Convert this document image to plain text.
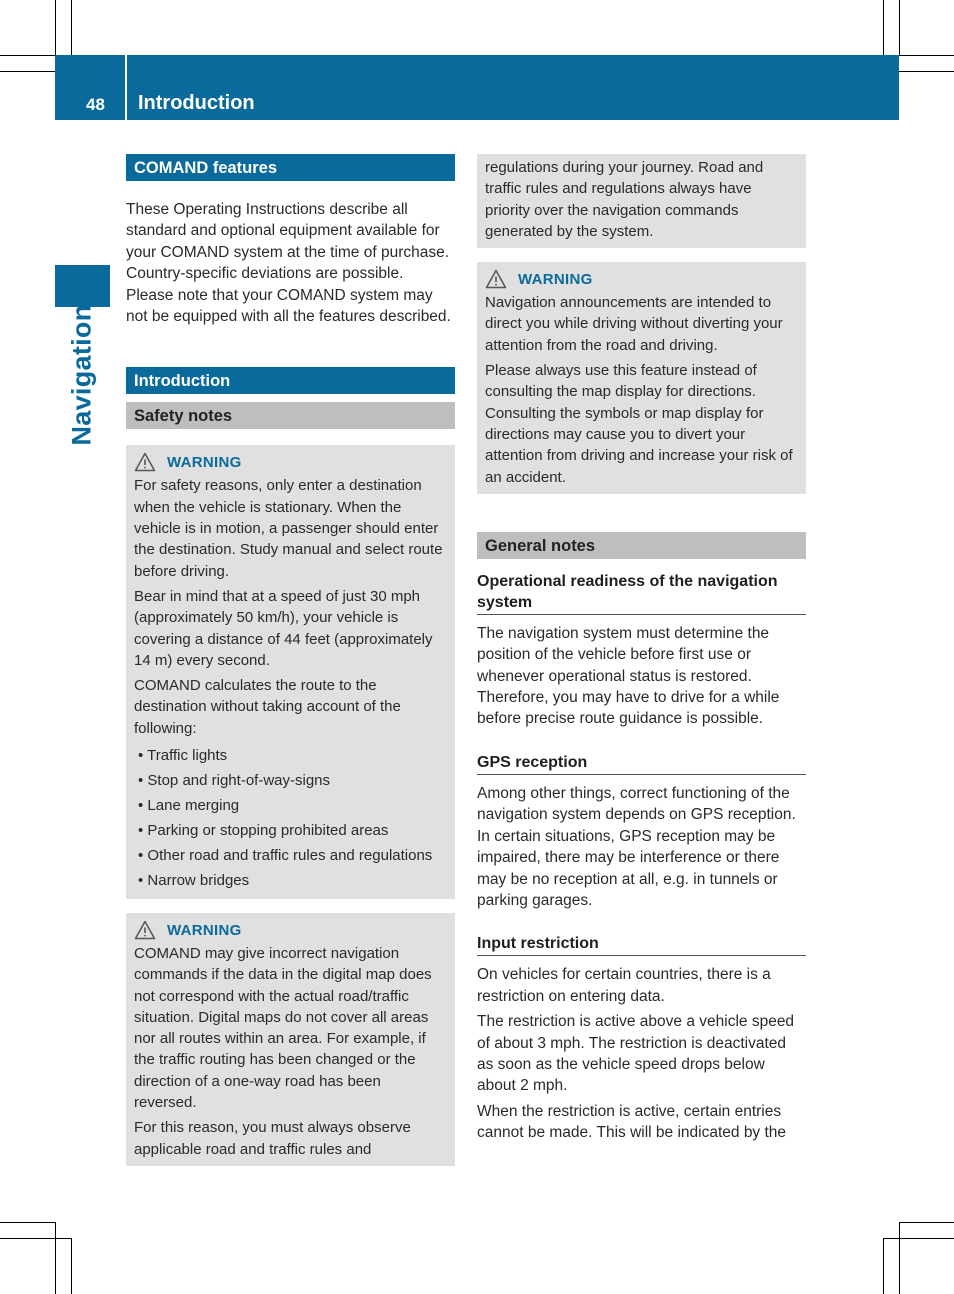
48	Introduction
Navigation
COMAND features

These Operating Instructions describe all standard and optional equipment available for your COMAND system at the time of purchase. Country-specific deviations are possible. Please note that your COMAND system may not be equipped with all the features described.

Introduction
Safety notes
WARNING

For safety reasons, only enter a destination when the vehicle is stationary. When the vehicle is in motion, a passenger should enter the destination. Study manual and select route before driving.

Bear in mind that at a speed of just 30 mph (approximately 50 km/h), your vehicle is covering a distance of 44 feet (approximately 14 m) every second.

COMAND calculates the route to the destination without taking account of the following:

• Traffic lights
• Stop and right-of-way-signs
• Lane merging
• Parking or stopping prohibited areas
• Other road and traffic rules and regulations
• Narrow bridges
WARNING

COMAND may give incorrect navigation commands if the data in the digital map does not correspond with the actual road/traffic situation. Digital maps do not cover all areas nor all routes within an area. For example, if the traffic routing has been changed or the direction of a one-way road has been reversed.

For this reason, you must always observe applicable road and traffic rules and

regulations during your journey. Road and traffic rules and regulations always have priority over the navigation commands generated by the system.

WARNING

Navigation announcements are intended to direct you while driving without diverting your attention from the road and driving.

Please always use this feature instead of consulting the map display for directions. Consulting the symbols or map display for directions may cause you to divert your attention from driving and increase your risk of an accident.

General notes
Operational readiness of the navigation system

The navigation system must determine the position of the vehicle before first use or whenever operational status is restored. Therefore, you may have to drive for a while before precise route guidance is possible.

GPS reception

Among other things, correct functioning of the navigation system depends on GPS reception. In certain situations, GPS reception may be impaired, there may be interference or there may be no reception at all, e.g. in tunnels or parking garages.

Input restriction

On vehicles for certain countries, there is a restriction on entering data.

The restriction is active above a vehicle speed of about 3 mph. The restriction is deactivated as soon as the vehicle speed drops below about 2 mph.

When the restriction is active, certain entries cannot be made. This will be indicated by the
